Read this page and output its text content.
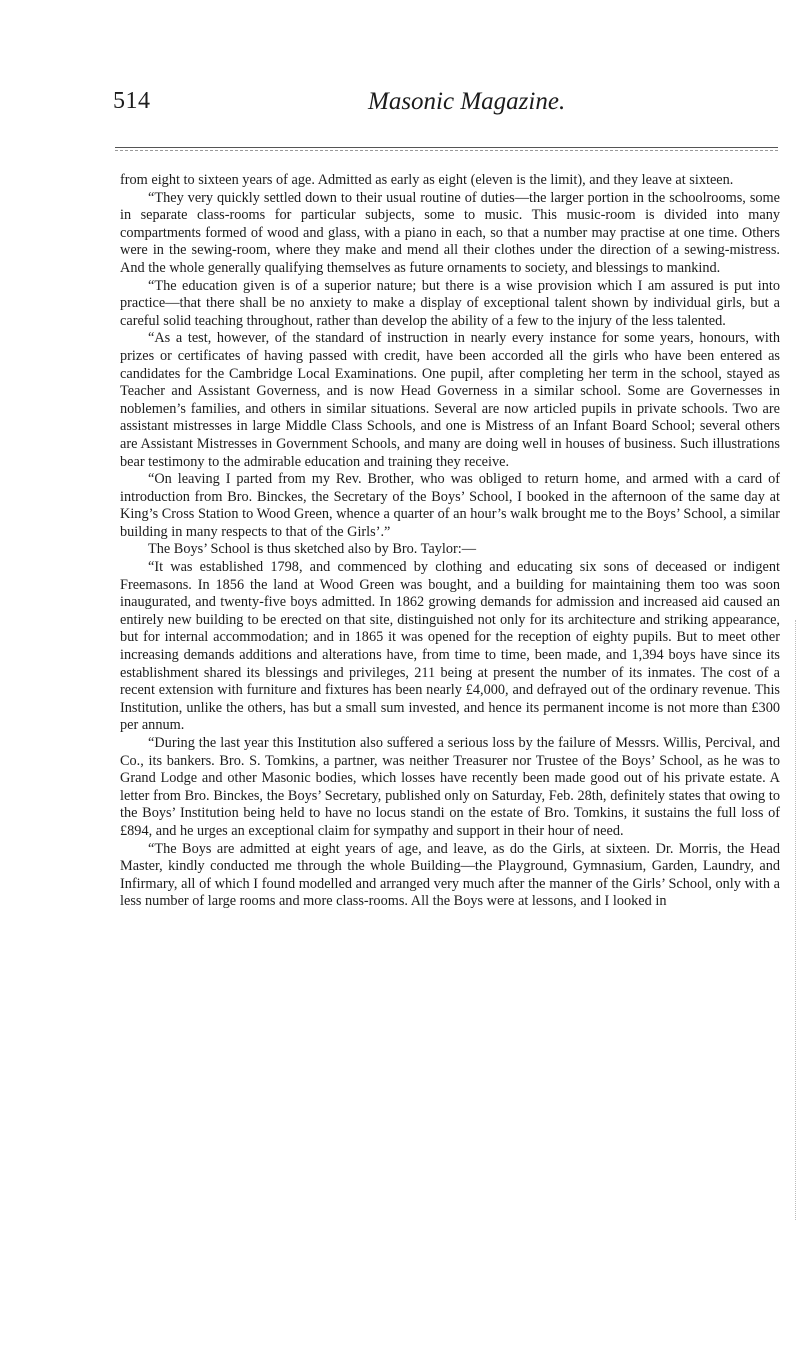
514	Masonic Magazine.

from eight to sixteen years of age. Admitted as early as eight (eleven is the limit), and they leave at sixteen.

“They very quickly settled down to their usual routine of duties—the larger portion in the schoolrooms, some in separate class-rooms for particular subjects, some to music. This music-room is divided into many compartments formed of wood and glass, with a piano in each, so that a number may practise at one time. Others were in the sewing-room, where they make and mend all their clothes under the direction of a sewing-mistress. And the whole generally qualifying themselves as future ornaments to society, and blessings to mankind.

“The education given is of a superior nature; but there is a wise provision which I am assured is put into practice—that there shall be no anxiety to make a display of exceptional talent shown by individual girls, but a careful solid teaching throughout, rather than develop the ability of a few to the injury of the less talented.

“As a test, however, of the standard of instruction in nearly every instance for some years, honours, with prizes or certificates of having passed with credit, have been accorded all the girls who have been entered as candidates for the Cambridge Local Examinations. One pupil, after completing her term in the school, stayed as Teacher and Assistant Governess, and is now Head Governess in a similar school. Some are Governesses in noblemen’s families, and others in similar situations. Several are now articled pupils in private schools. Two are assistant mistresses in large Middle Class Schools, and one is Mistress of an Infant Board School; several others are Assistant Mistresses in Government Schools, and many are doing well in houses of business. Such illustrations bear testimony to the admirable education and training they receive.

“On leaving I parted from my Rev. Brother, who was obliged to return home, and armed with a card of introduction from Bro. Binckes, the Secretary of the Boys’ School, I booked in the afternoon of the same day at King’s Cross Station to Wood Green, whence a quarter of an hour’s walk brought me to the Boys’ School, a similar building in many respects to that of the Girls’.”

The Boys’ School is thus sketched also by Bro. Taylor:—

“It was established 1798, and commenced by clothing and educating six sons of deceased or indigent Freemasons. In 1856 the land at Wood Green was bought, and a building for maintaining them too was soon inaugurated, and twenty-five boys admitted. In 1862 growing demands for admission and increased aid caused an entirely new building to be erected on that site, distinguished not only for its architecture and striking appearance, but for internal accommodation; and in 1865 it was opened for the reception of eighty pupils. But to meet other increasing demands additions and alterations have, from time to time, been made, and 1,394 boys have since its establishment shared its blessings and privileges, 211 being at present the number of its inmates. The cost of a recent extension with furniture and fixtures has been nearly £4,000, and defrayed out of the ordinary revenue. This Institution, unlike the others, has but a small sum invested, and hence its permanent income is not more than £300 per annum.

“During the last year this Institution also suffered a serious loss by the failure of Messrs. Willis, Percival, and Co., its bankers. Bro. S. Tomkins, a partner, was neither Treasurer nor Trustee of the Boys’ School, as he was to Grand Lodge and other Masonic bodies, which losses have recently been made good out of his private estate. A letter from Bro. Binckes, the Boys’ Secretary, published only on Saturday, Feb. 28th, definitely states that owing to the Boys’ Institution being held to have no locus standi on the estate of Bro. Tomkins, it sustains the full loss of £894, and he urges an exceptional claim for sympathy and support in their hour of need.

“The Boys are admitted at eight years of age, and leave, as do the Girls, at sixteen. Dr. Morris, the Head Master, kindly conducted me through the whole Building—the Playground, Gymnasium, Garden, Laundry, and Infirmary, all of which I found modelled and arranged very much after the manner of the Girls’ School, only with a less number of large rooms and more class-rooms. All the Boys were at lessons, and I looked in
